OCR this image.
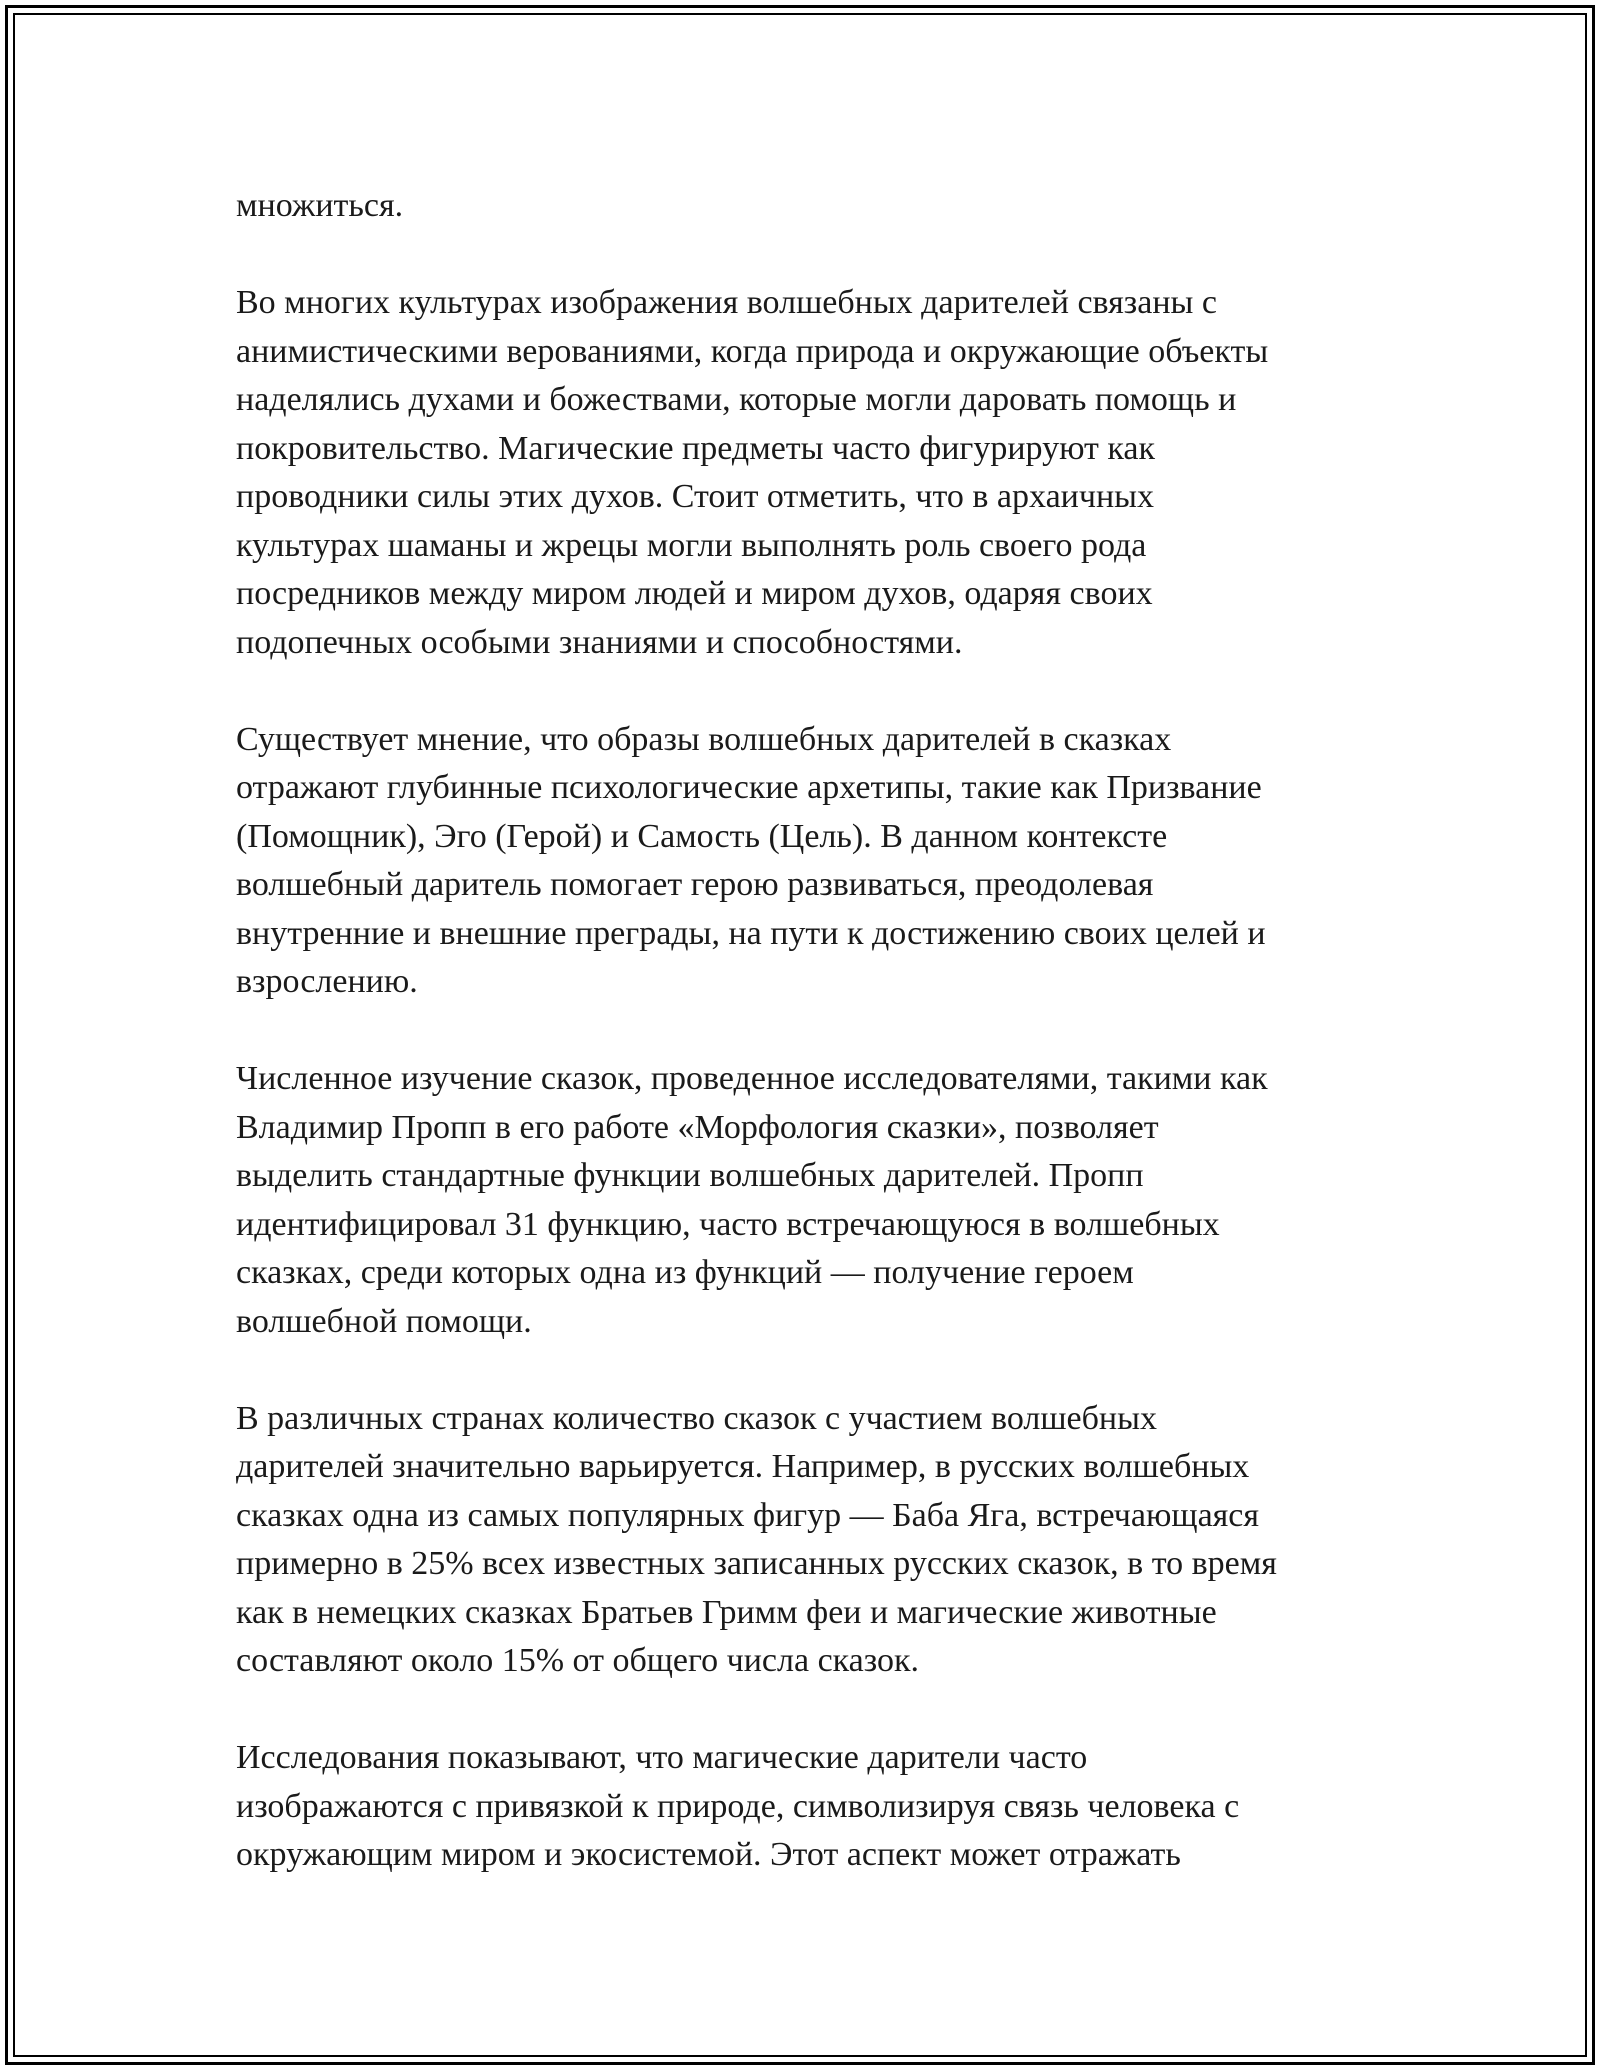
множиться.

Во многих культурах изображения волшебных дарителей связаны с
анимистическими верованиями, когда природа и окружающие объекты
наделялись духами и божествами, которые могли даровать помощь и
покровительство. Магические предметы часто фигурируют как
проводники силы этих духов. Стоит отметить, что в архаичных
культурах шаманы и жрецы могли выполнять роль своего рода
посредников между миром людей и миром духов, одаряя своих
подопечных особыми знаниями и способностями.

Существует мнение, что образы волшебных дарителей в сказках
отражают глубинные психологические архетипы, такие как Призвание
(Помощник), Эго (Герой) и Самость (Цель). В данном контексте
волшебный даритель помогает герою развиваться, преодолевая
внутренние и внешние преграды, на пути к достижению своих целей и
взрослению.

Численное изучение сказок, проведенное исследователями, такими как
Владимир Пропп в его работе «Морфология сказки», позволяет
выделить стандартные функции волшебных дарителей. Пропп
идентифицировал 31 функцию, часто встречающуюся в волшебных
сказках, среди которых одна из функций — получение героем
волшебной помощи.

В различных странах количество сказок с участием волшебных
дарителей значительно варьируется. Например, в русских волшебных
сказках одна из самых популярных фигур — Баба Яга, встречающаяся
примерно в 25% всех известных записанных русских сказок, в то время
как в немецких сказках Братьев Гримм феи и магические животные
составляют около 15% от общего числа сказок.

Исследования показывают, что магические дарители часто
изображаются с привязкой к природе, символизируя связь человека с
окружающим миром и экосистемой. Этот аспект может отражать
